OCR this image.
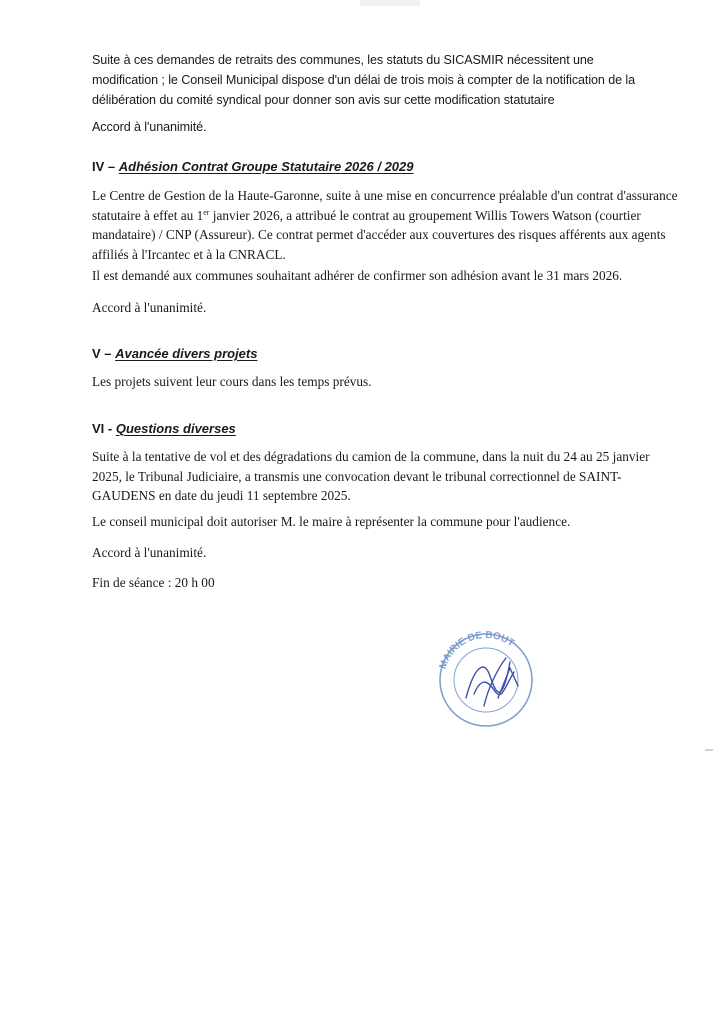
Suite à ces demandes de retraits des communes, les statuts du SICASMIR nécessitent une
modification ; le Conseil Municipal dispose d'un délai de trois mois à compter de la notification de la
délibération du comité syndical pour donner son avis sur cette modification statutaire

Accord à l'unanimité.

IV – Adhésion Contrat Groupe Statutaire 2026 / 2029

Le Centre de Gestion de la Haute-Garonne, suite à une mise en concurrence préalable d'un contrat d'assurance
statutaire à effet au 1er janvier 2026, a attribué le contrat au groupement Willis Towers Watson (courtier
mandataire) / CNP (Assureur). Ce contrat permet d'accéder aux couvertures des risques afférents aux agents
affiliés à l'Ircantec et à la CNRACL.

Il est demandé aux communes souhaitant adhérer de confirmer son adhésion avant le 31 mars 2026.

Accord à l'unanimité.

V – Avancée divers projets

Les projets suivent leur cours dans les temps prévus.

VI - Questions diverses

Suite à la tentative de vol et des dégradations du camion de la commune, dans la nuit du 24 au 25 janvier
2025, le Tribunal Judiciaire, a transmis une convocation devant le tribunal correctionnel de SAINT-
GAUDENS en date du jeudi 11 septembre 2025.

Le conseil municipal doit autoriser M. le maire à représenter la commune pour l'audience.

Accord à l'unanimité.

Fin de séance : 20 h 00

MAIRIE DE BOUT
